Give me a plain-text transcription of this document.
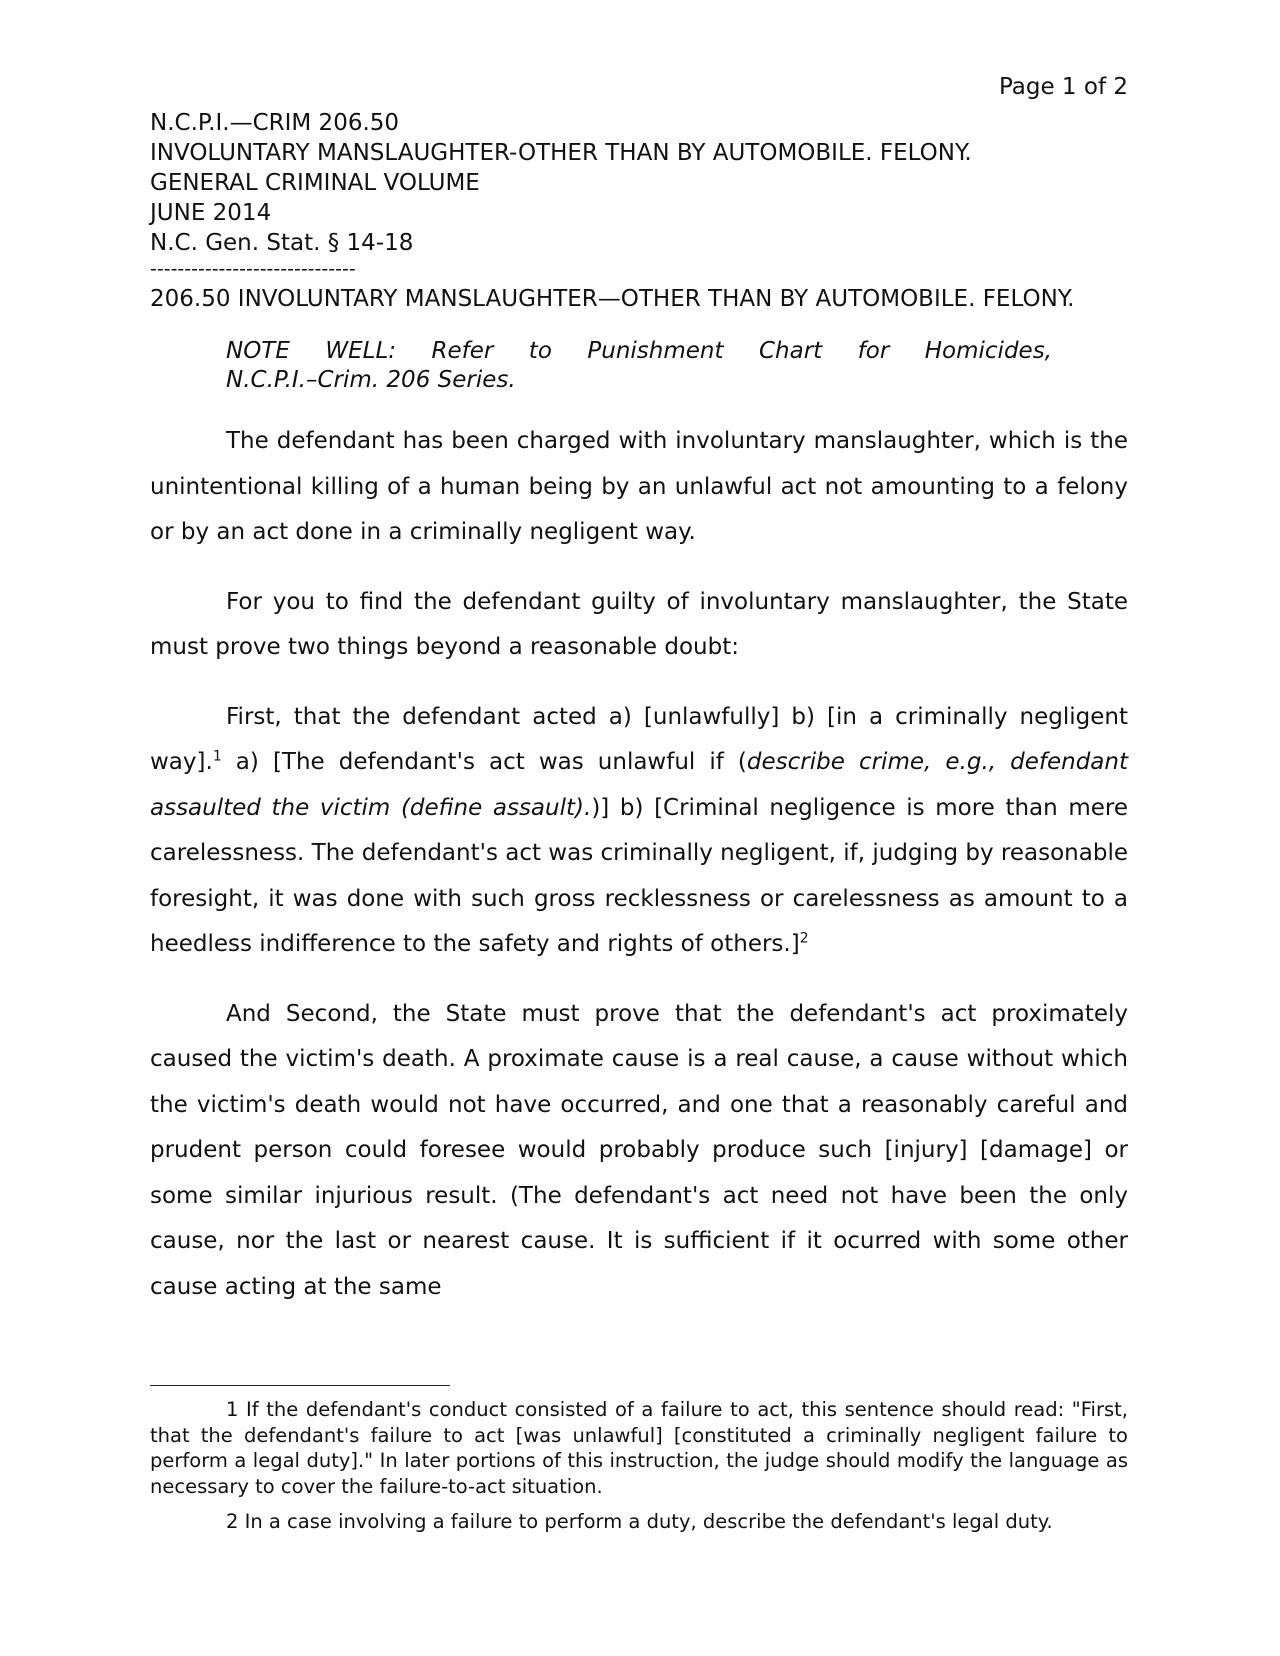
Page 1 of 2
N.C.P.I.—CRIM 206.50
INVOLUNTARY MANSLAUGHTER-OTHER THAN BY AUTOMOBILE. FELONY.
GENERAL CRIMINAL VOLUME
JUNE 2014
N.C. Gen. Stat. § 14-18
------------------------------
206.50 INVOLUNTARY MANSLAUGHTER—OTHER THAN BY AUTOMOBILE. FELONY.
NOTE WELL: Refer to Punishment Chart for Homicides,
N.C.P.I.–Crim. 206 Series.

The defendant has been charged with involuntary manslaughter, which is the unintentional killing of a human being by an unlawful act not amounting to a felony or by an act done in a criminally negligent way.

For you to find the defendant guilty of involuntary manslaughter, the State must prove two things beyond a reasonable doubt:

First, that the defendant acted a) [unlawfully] b) [in a criminally negligent way].$^1$ a) [The defendant's act was unlawful if (describe crime, e.g., defendant assaulted the victim (define assault).)] b) [Criminal negligence is more than mere carelessness. The defendant's act was criminally negligent, if, judging by reasonable foresight, it was done with such gross recklessness or carelessness as amount to a heedless indifference to the safety and rights of others.]$^2$

And Second, the State must prove that the defendant's act proximately caused the victim's death. A proximate cause is a real cause, a cause without which the victim's death would not have occurred, and one that a reasonably careful and prudent person could foresee would probably produce such [injury] [damage] or some similar injurious result. (The defendant's act need not have been the only cause, nor the last or nearest cause. It is sufficient if it ocurred with some other cause acting at the same

1 If the defendant's conduct consisted of a failure to act, this sentence should read: "First, that the defendant's failure to act [was unlawful] [constituted a criminally negligent failure to perform a legal duty]." In later portions of this instruction, the judge should modify the language as necessary to cover the failure-to-act situation.

2 In a case involving a failure to perform a duty, describe the defendant's legal duty.
